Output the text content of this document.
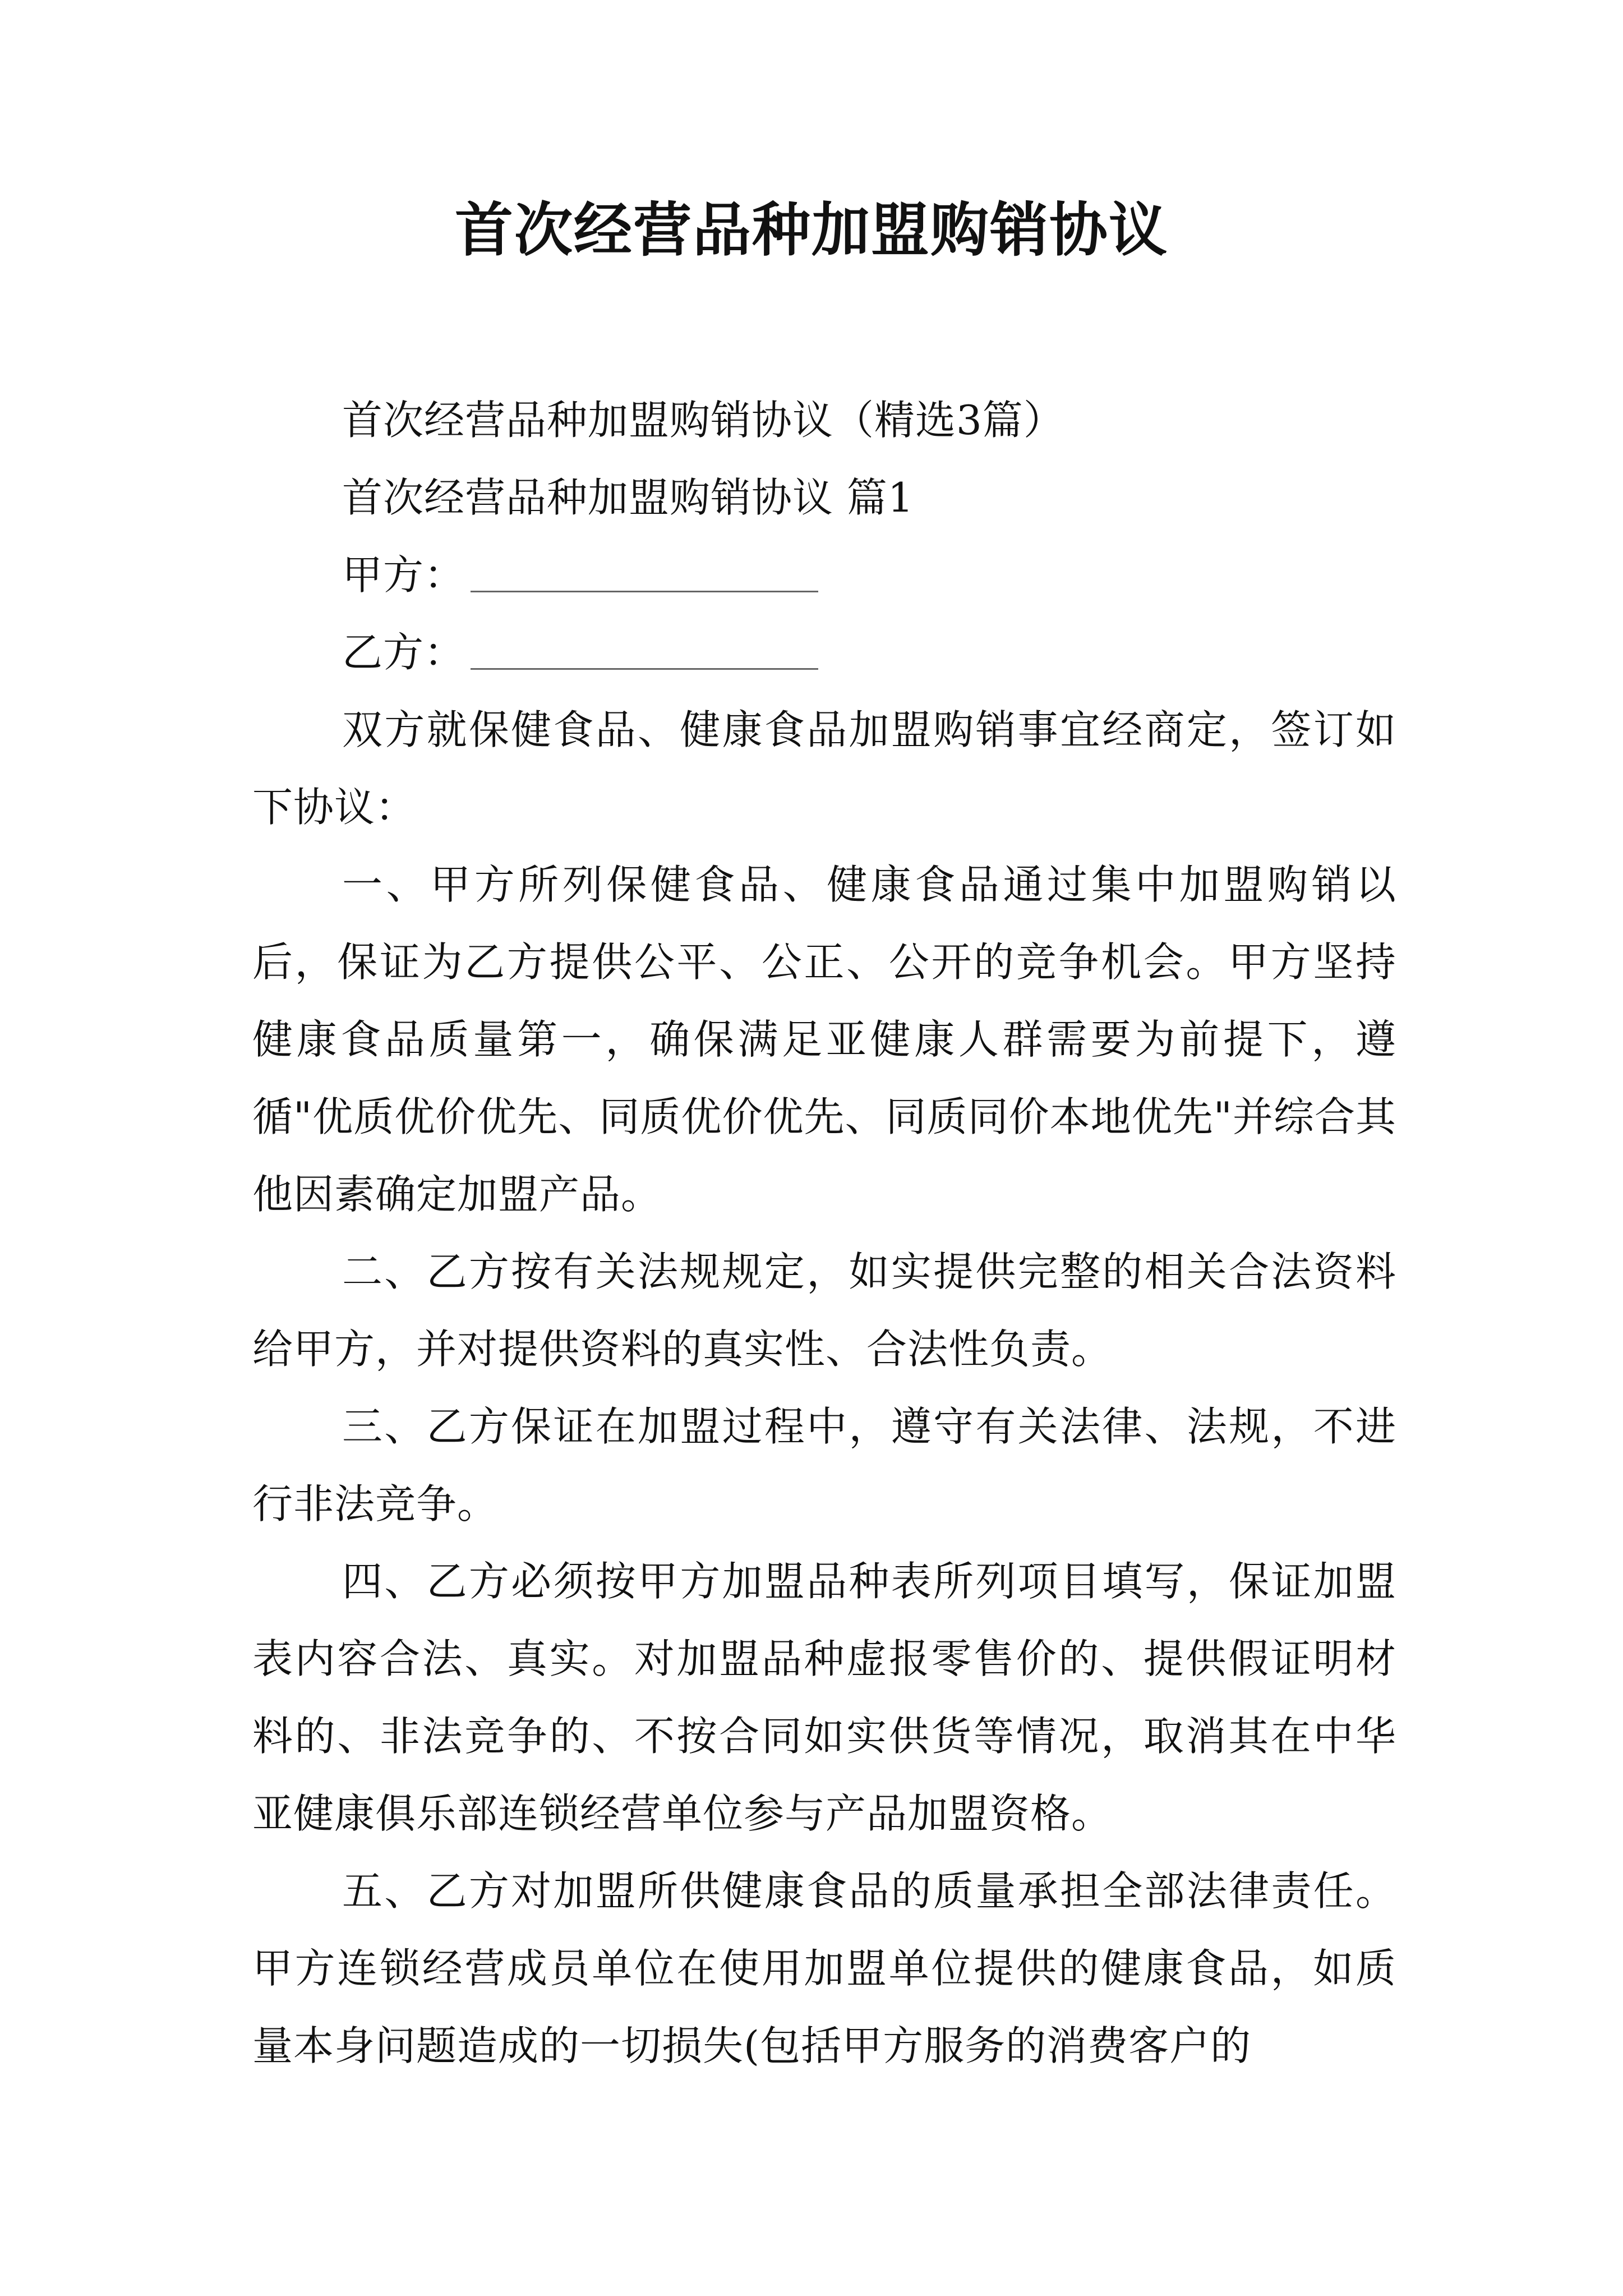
首次经营品种加盟购销协议

首次经营品种加盟购销协议（精选3篇）

首次经营品种加盟购销协议 篇1

甲方：

乙方：

双方就保健食品、健康食品加盟购销事宜经商定，签订如下协议：

一、甲方所列保健食品、健康食品通过集中加盟购销以后，保证为乙方提供公平、公正、公开的竞争机会。甲方坚持健康食品质量第一，确保满足亚健康人群需要为前提下，遵循"优质优价优先、同质优价优先、同质同价本地优先"并综合其他因素确定加盟产品。

二、乙方按有关法规规定，如实提供完整的相关合法资料给甲方，并对提供资料的真实性、合法性负责。

三、乙方保证在加盟过程中，遵守有关法律、法规，不进行非法竞争。

四、乙方必须按甲方加盟品种表所列项目填写，保证加盟表内容合法、真实。对加盟品种虚报零售价的、提供假证明材料的、非法竞争的、不按合同如实供货等情况，取消其在中华亚健康俱乐部连锁经营单位参与产品加盟资格。

五、乙方对加盟所供健康食品的质量承担全部法律责任。甲方连锁经营成员单位在使用加盟单位提供的健康食品，如质量本身问题造成的一切损失(包括甲方服务的消费客户的
